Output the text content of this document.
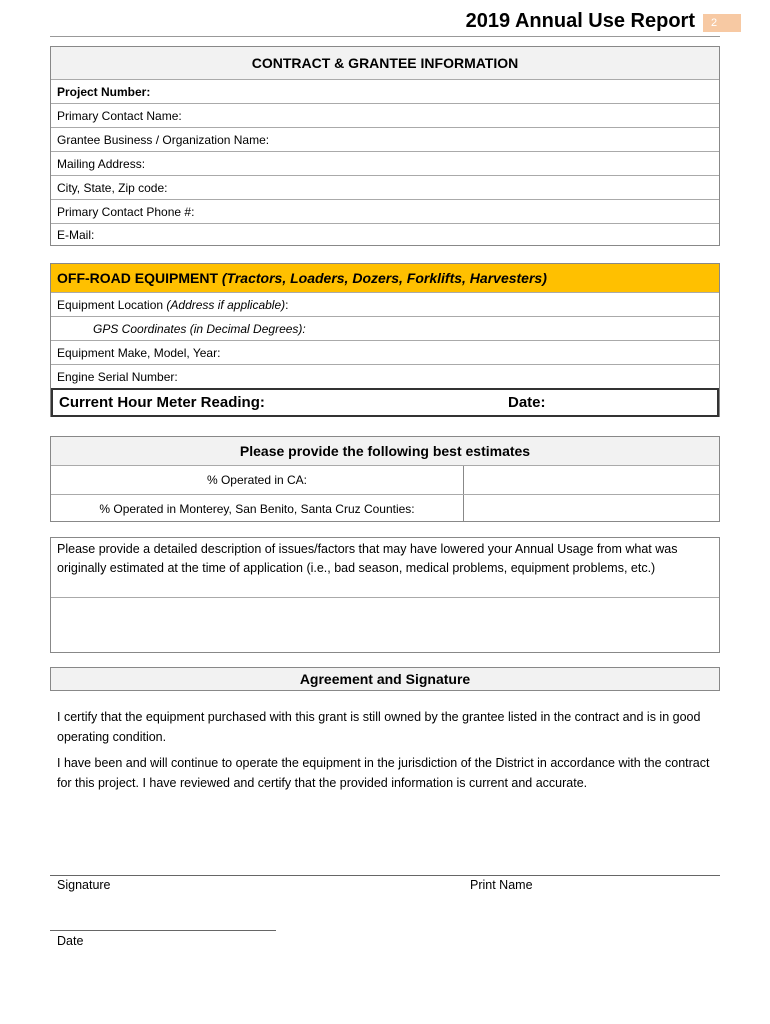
2019 Annual Use Report	2
CONTRACT & GRANTEE INFORMATION
Project Number:
Primary Contact Name:
Grantee Business / Organization Name:
Mailing Address:
City, State, Zip code:
Primary Contact Phone #:
E-Mail:
OFF-ROAD EQUIPMENT (Tractors, Loaders, Dozers, Forklifts, Harvesters)
Equipment Location (Address if applicable) :
GPS Coordinates (in Decimal Degrees):
Equipment Make, Model, Year:
Engine Serial Number:
Current Hour Meter Reading:	Date:
Please provide the following best estimates
% Operated in CA:
% Operated in Monterey, San Benito, Santa Cruz Counties:
Please provide a detailed description of issues/factors that may have lowered your Annual Usage from what was originally estimated at the time of application (i.e., bad season, medical problems, equipment problems, etc.)
Agreement and Signature
I certify that the equipment purchased with this grant is still owned by the grantee listed in the contract and is in good operating condition.
I have been and will continue to operate the equipment in the jurisdiction of the District in accordance with the contract for this project. I have reviewed and certify that the provided information is current and accurate.
Signature	Print Name
Date
